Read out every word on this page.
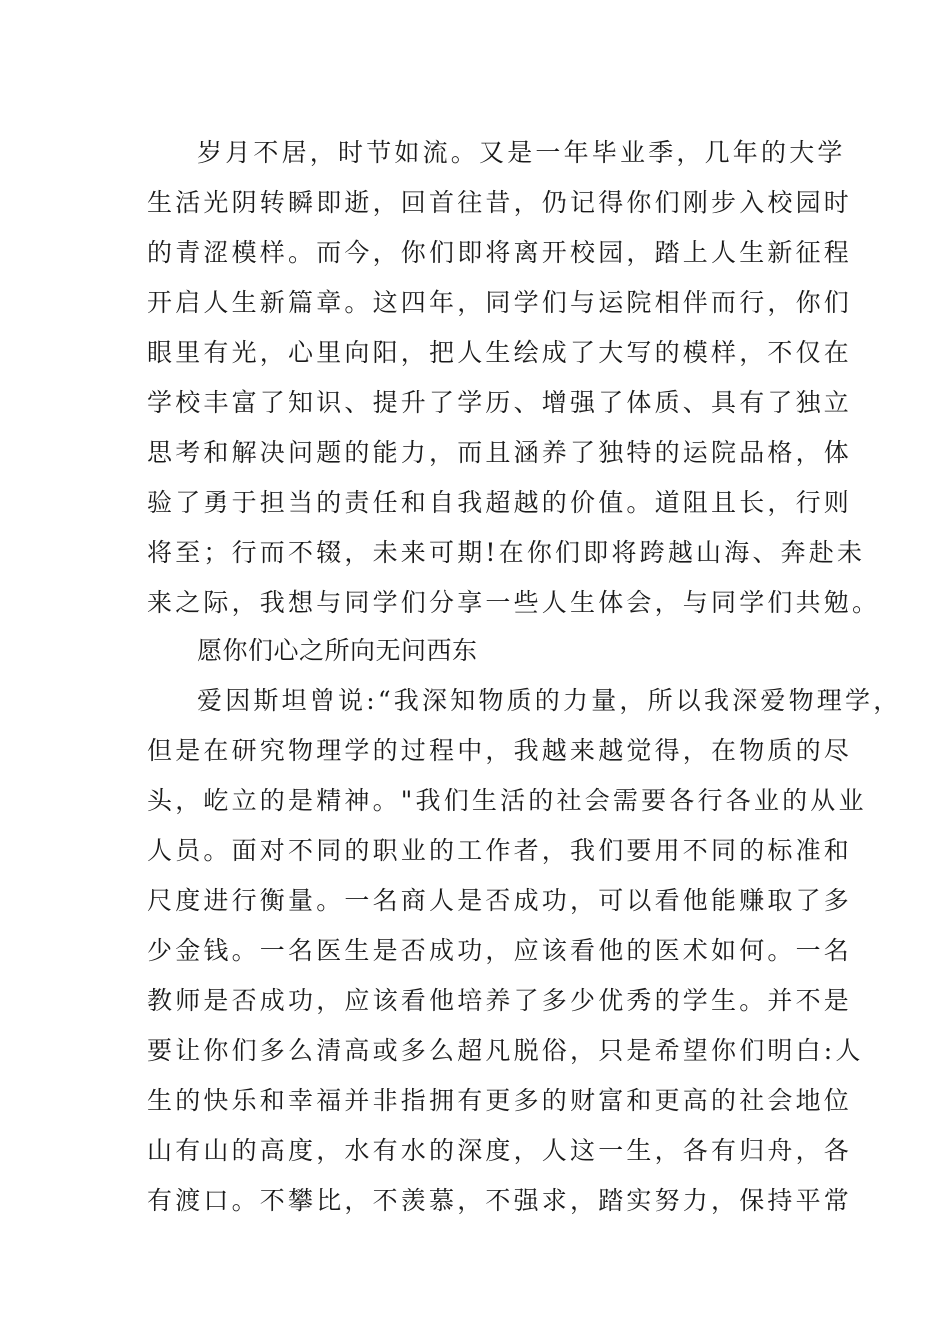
岁月不居，时节如流。又是一年毕业季，几年的大学
生活光阴转瞬即逝，回首往昔，仍记得你们刚步入校园时
的青涩模样。而今，你们即将离开校园，踏上人生新征程
开启人生新篇章。这四年，同学们与运院相伴而行，你们
眼里有光，心里向阳，把人生绘成了大写的模样，不仅在
学校丰富了知识、提升了学历、增强了体质、具有了独立
思考和解决问题的能力，而且涵养了独特的运院品格，体
验了勇于担当的责任和自我超越的价值。道阻且长，行则
将至；行而不辍，未来可期!在你们即将跨越山海、奔赴未
来之际，我想与同学们分享一些人生体会，与同学们共勉。
愿你们心之所向无问西东
爱因斯坦曾说:“我深知物质的力量，所以我深爱物理学，
但是在研究物理学的过程中，我越来越觉得，在物质的尽
头，屹立的是精神。"我们生活的社会需要各行各业的从业
人员。面对不同的职业的工作者，我们要用不同的标准和
尺度进行衡量。一名商人是否成功，可以看他能赚取了多
少金钱。一名医生是否成功，应该看他的医术如何。一名
教师是否成功，应该看他培养了多少优秀的学生。并不是
要让你们多么清高或多么超凡脱俗，只是希望你们明白:人
生的快乐和幸福并非指拥有更多的财富和更高的社会地位
山有山的高度，水有水的深度，人这一生，各有归舟，各
有渡口。不攀比，不羡慕，不强求，踏实努力，保持平常
